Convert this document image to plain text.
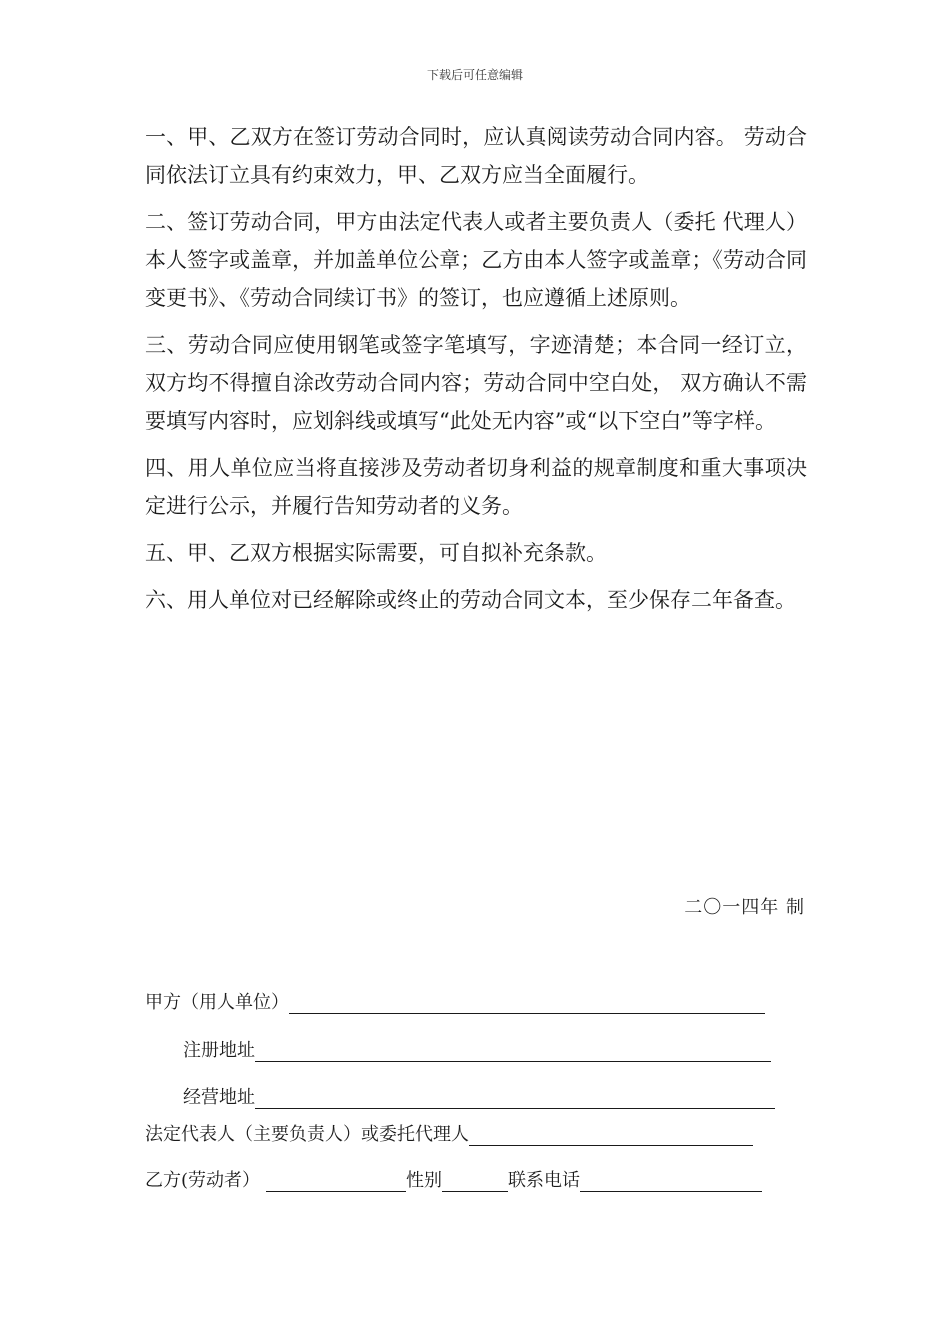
下载后可任意编辑

一、甲、乙双方在签订劳动合同时，应认真阅读劳动合同内容。 劳动合同依法订立具有约束效力，甲、乙双方应当全面履行。

二、签订劳动合同，甲方由法定代表人或者主要负责人（委托 代理人）本人签字或盖章，并加盖单位公章；乙方由本人签字或盖章；《劳动合同变更书》、《劳动合同续订书》的签订，也应遵循上述原则。

三、劳动合同应使用钢笔或签字笔填写，字迹清楚；本合同一经订立，双方均不得擅自涂改劳动合同内容；劳动合同中空白处， 双方确认不需要填写内容时，应划斜线或填写“此处无内容”或“以下空白”等字样。

四、用人单位应当将直接涉及劳动者切身利益的规章制度和重大事项决定进行公示，并履行告知劳动者的义务。

五、甲、乙双方根据实际需要，可自拟补充条款。

六、用人单位对已经解除或终止的劳动合同文本，至少保存二年备查。

二〇一四年 制
甲方（用人单位）
注册地址
经营地址
法定代表人（主要负责人）或委托代理人
乙方(劳动者）	性别	联系电话
